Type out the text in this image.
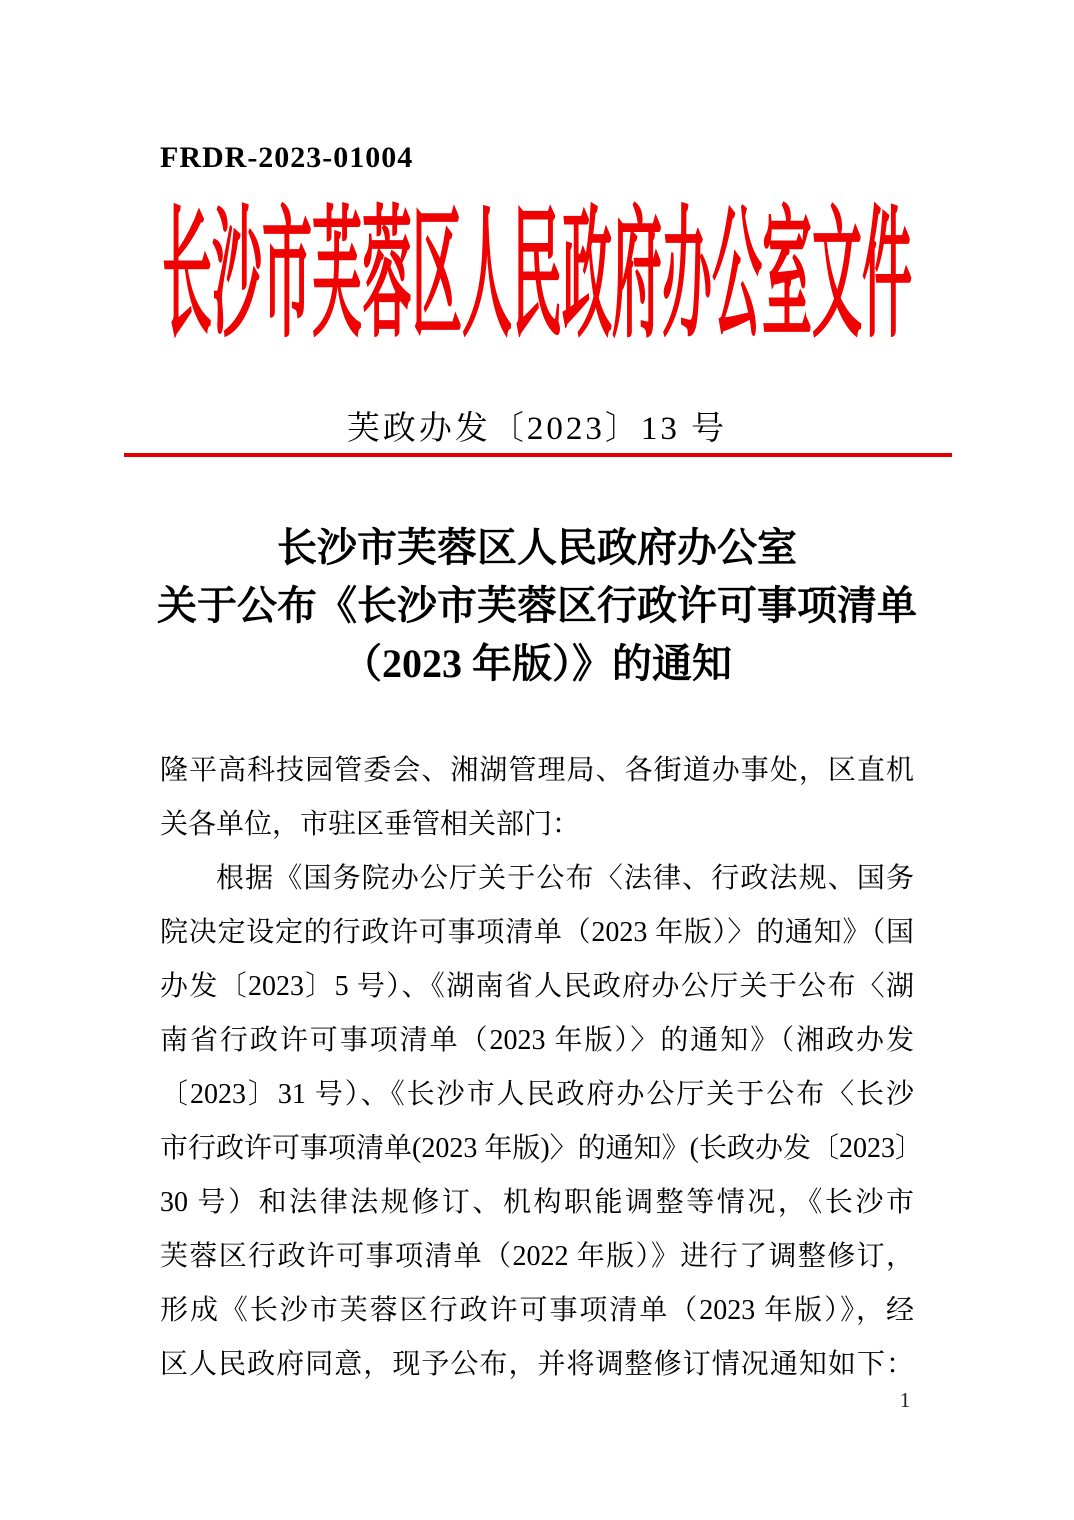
FRDR-2023-01004
长沙市芙蓉区人民政府办公室文件
芙政办发〔2023〕13 号
长沙市芙蓉区人民政府办公室
关于公布《长沙市芙蓉区行政许可事项清单
（2023 年版）》的通知
隆平高科技园管委会、湘湖管理局、各街道办事处，区直机
关各单位，市驻区垂管相关部门：
根据《国务院办公厅关于公布〈法律、行政法规、国务
院决定设定的行政许可事项清单（2023 年版）〉的通知》（国
办发〔2023〕5 号）、《湖南省人民政府办公厅关于公布〈湖
南省行政许可事项清单（2023 年版）〉的通知》（湘政办发
〔2023〕31 号）、《长沙市人民政府办公厅关于公布〈长沙
市行政许可事项清单(2023 年版)〉的通知》(长政办发〔2023〕
30 号）和法律法规修订、机构职能调整等情况，《长沙市
芙蓉区行政许可事项清单（2022 年版）》进行了调整修订，
形成《长沙市芙蓉区行政许可事项清单（2023 年版）》，经
区人民政府同意，现予公布，并将调整修订情况通知如下：
1
